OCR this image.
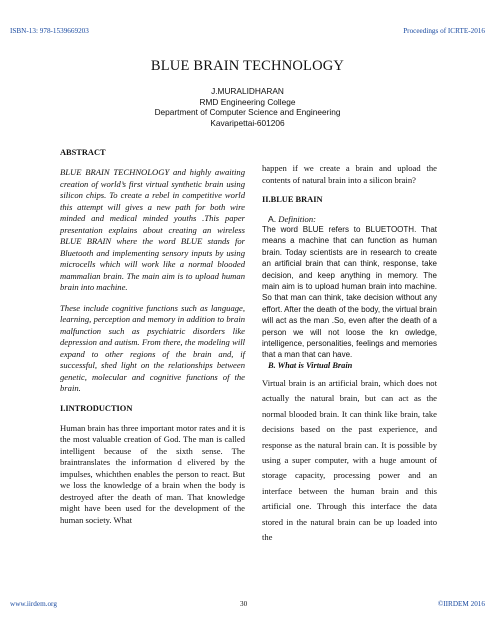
ISBN-13: 978-1539669203	Proceedings of ICRTE-2016
BLUE BRAIN TECHNOLOGY
J.MURALIDHARAN
RMD Engineering College
Department of Computer Science and Engineering
Kavaripettai-601206

ABSTRACT

BLUE BRAIN TECHNOLOGY and highly awaiting creation of world’s first virtual synthetic brain using silicon chips. To create a rebel in competitive world this attempt will gives a new path for both wire minded and medical minded youths .This paper presentation explains about creating an wireless BLUE BRAIN where the word BLUE stands for Bluetooth and implementing sensory inputs by using microcells which will work like a normal blooded mammalian brain. The main aim is to upload human brain into machine.

These include cognitive functions such as language, learning, perception and memory in addition to brain malfunction such as psychiatric disorders like depression and autism. From there, the modeling will expand to other regions of the brain and, if successful, shed light on the relationships between genetic, molecular and cognitive functions of the brain.

I.INTRODUCTION

Human brain has three important motor rates and it is the most valuable creation of God. The man is called intelligent because of the sixth sense. The braintranslates the information d elivered by the impulses, whichthen enables the person to react. But we loss the knowledge of a brain when the body is destroyed after the death of man. That knowledge might have been used for the development of the human society. What

happen if we create a brain and upload the contents of natural brain into a silicon brain?

II.BLUE BRAIN

A. Definition:

The word BLUE refers to BLUETOOTH. That means a machine that can function as human brain. Today scientists are in research to create an artificial brain that can think, response, take decision, and keep anything in memory. The main aim is to upload human brain into machine. So that man can think, take decision without any effort. After the death of the body, the virtual brain will act as the man .So, even after the death of a person we will not loose the kn owledge, intelligence, personalities, feelings and memories that a man that can have.

B. What is Virtual Brain

Virtual brain is an artificial brain, which does not actually the natural brain, but can act as the normal blooded brain. It can think like brain, take decisions based on the past experience, and response as the natural brain can. It is possible by using a super computer, with a huge amount of storage capacity, processing power and an interface between the human brain and this artificial one. Through this interface the data stored in the natural brain can be up loaded into the

www.iirdem.org	30	©IIRDEM 2016
